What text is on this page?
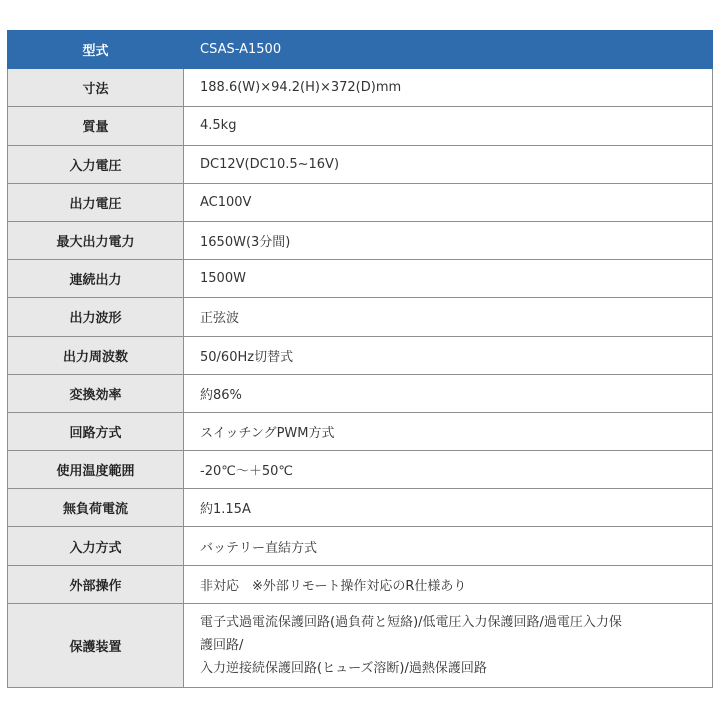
型式	CSAS-A1500
寸法	188.6(W)×94.2(H)×372(D)mm
質量	4.5kg
入力電圧	DC12V(DC10.5~16V)
出力電圧	AC100V
最大出力電力	1650W(3分間)
連続出力	1500W
出力波形	正弦波
出力周波数	50/60Hz切替式
変換効率	約86%
回路方式	スイッチングPWM方式
使用温度範囲	-20℃～＋50℃
無負荷電流	約1.15A
入力方式	バッテリー直結方式
外部操作	非対応　※外部リモート操作対応のR仕様あり
保護装置	電子式過電流保護回路(過負荷と短絡)/低電圧入力保護回路/過電圧入力保
護回路/
入力逆接続保護回路(ヒューズ溶断)/過熱保護回路
